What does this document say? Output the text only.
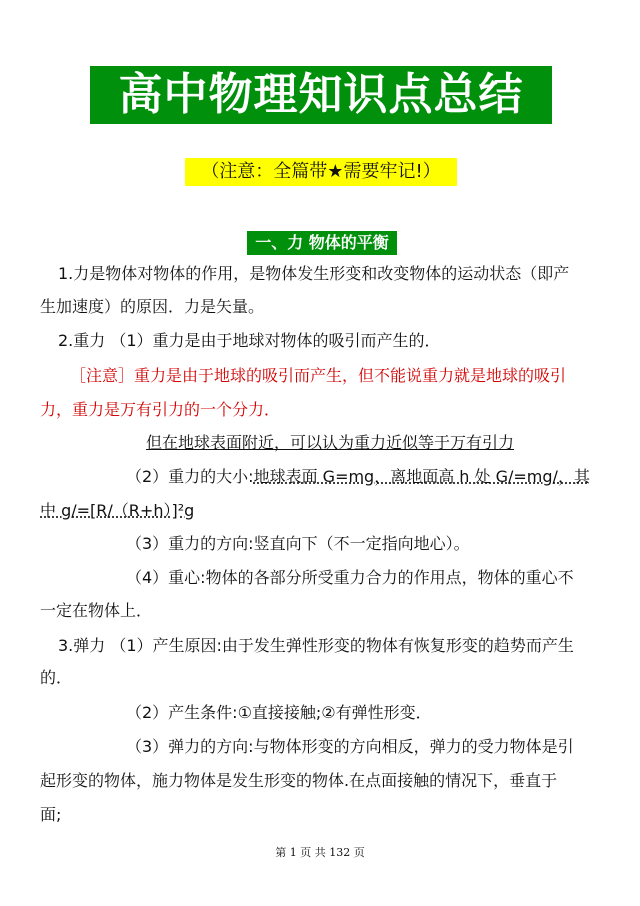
高中物理知识点总结
（注意：全篇带★需要牢记!）
一、力 物体的平衡
1.力是物体对物体的作用，是物体发生形变和改变物体的运动状态（即产
生加速度）的原因．力是矢量。
2.重力 （1）重力是由于地球对物体的吸引而产生的．
［注意］重力是由于地球的吸引而产生，但不能说重力就是地球的吸引
力，重力是万有引力的一个分力．
但在地球表面附近，可以认为重力近似等于万有引力
（2）重力的大小:地球表面 G=mg，离地面高 h 处 G/=mg/，其
中 g/=[R/（R+h）]²g
（3）重力的方向:竖直向下（不一定指向地心）。
（4）重心:物体的各部分所受重力合力的作用点，物体的重心不
一定在物体上．
3.弹力 （1）产生原因:由于发生弹性形变的物体有恢复形变的趋势而产生
的．
（2）产生条件:①直接接触;②有弹性形变．
（3）弹力的方向:与物体形变的方向相反，弹力的受力物体是引
起形变的物体，施力物体是发生形变的物体.在点面接触的情况下，垂直于
面;
第 1 页 共 132 页
